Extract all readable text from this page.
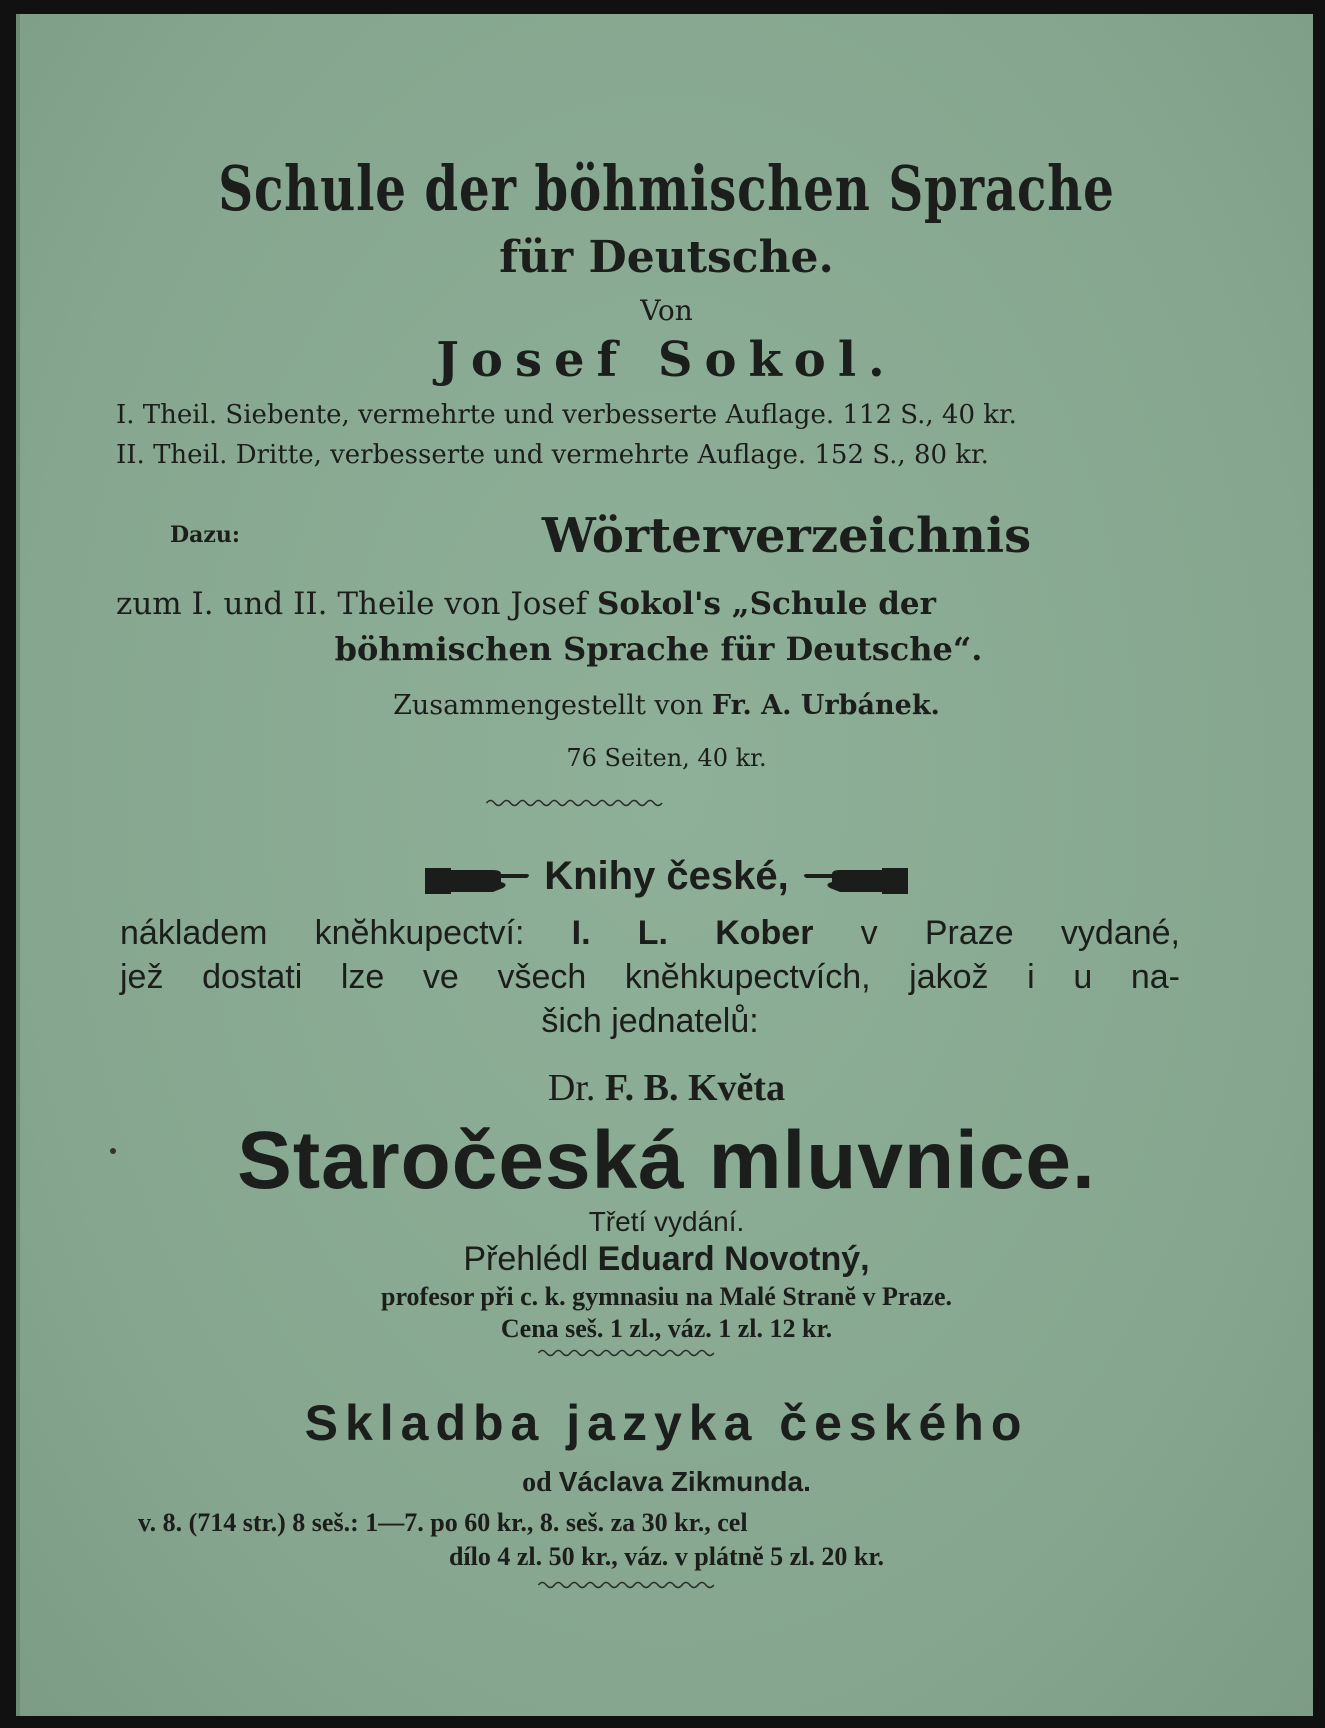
Schule der böhmischen Sprache
für Deutsche.
Von
Josef Sokol.
I. Theil. Siebente, vermehrte und verbesserte Auflage. 112 S., 40 kr.
II. Theil. Dritte, verbesserte und vermehrte Auflage. 152 S., 80 kr.
Dazu:	Wörterverzeichnis
zum I. und II. Theile von Josef Sokol's „Schule der
böhmischen Sprache für Deutsche“.
Zusammengestellt von Fr. A. Urbánek.
76 Seiten, 40 kr.
Knihy české,
nákladem knĕhkupectví: I. L. Kober v Praze vydané,
jež dostati lze ve všech knĕhkupectvích, jakož i u na-
šich jednatelů:
Dr. F. B. Kvĕta
Staročeská mluvnice.
Třetí vydání.
Přehlédl Eduard Novotný,
profesor při c. k. gymnasiu na Malé Stranĕ v Praze.
Cena seš. 1 zl., váz. 1 zl. 12 kr.
Skladba jazyka českého
od Václava Zikmunda.
v. 8. (714 str.) 8 seš.: 1—7. po 60 kr., 8. seš. za 30 kr., cel
dílo 4 zl. 50 kr., váz. v plátnĕ 5 zl. 20 kr.
